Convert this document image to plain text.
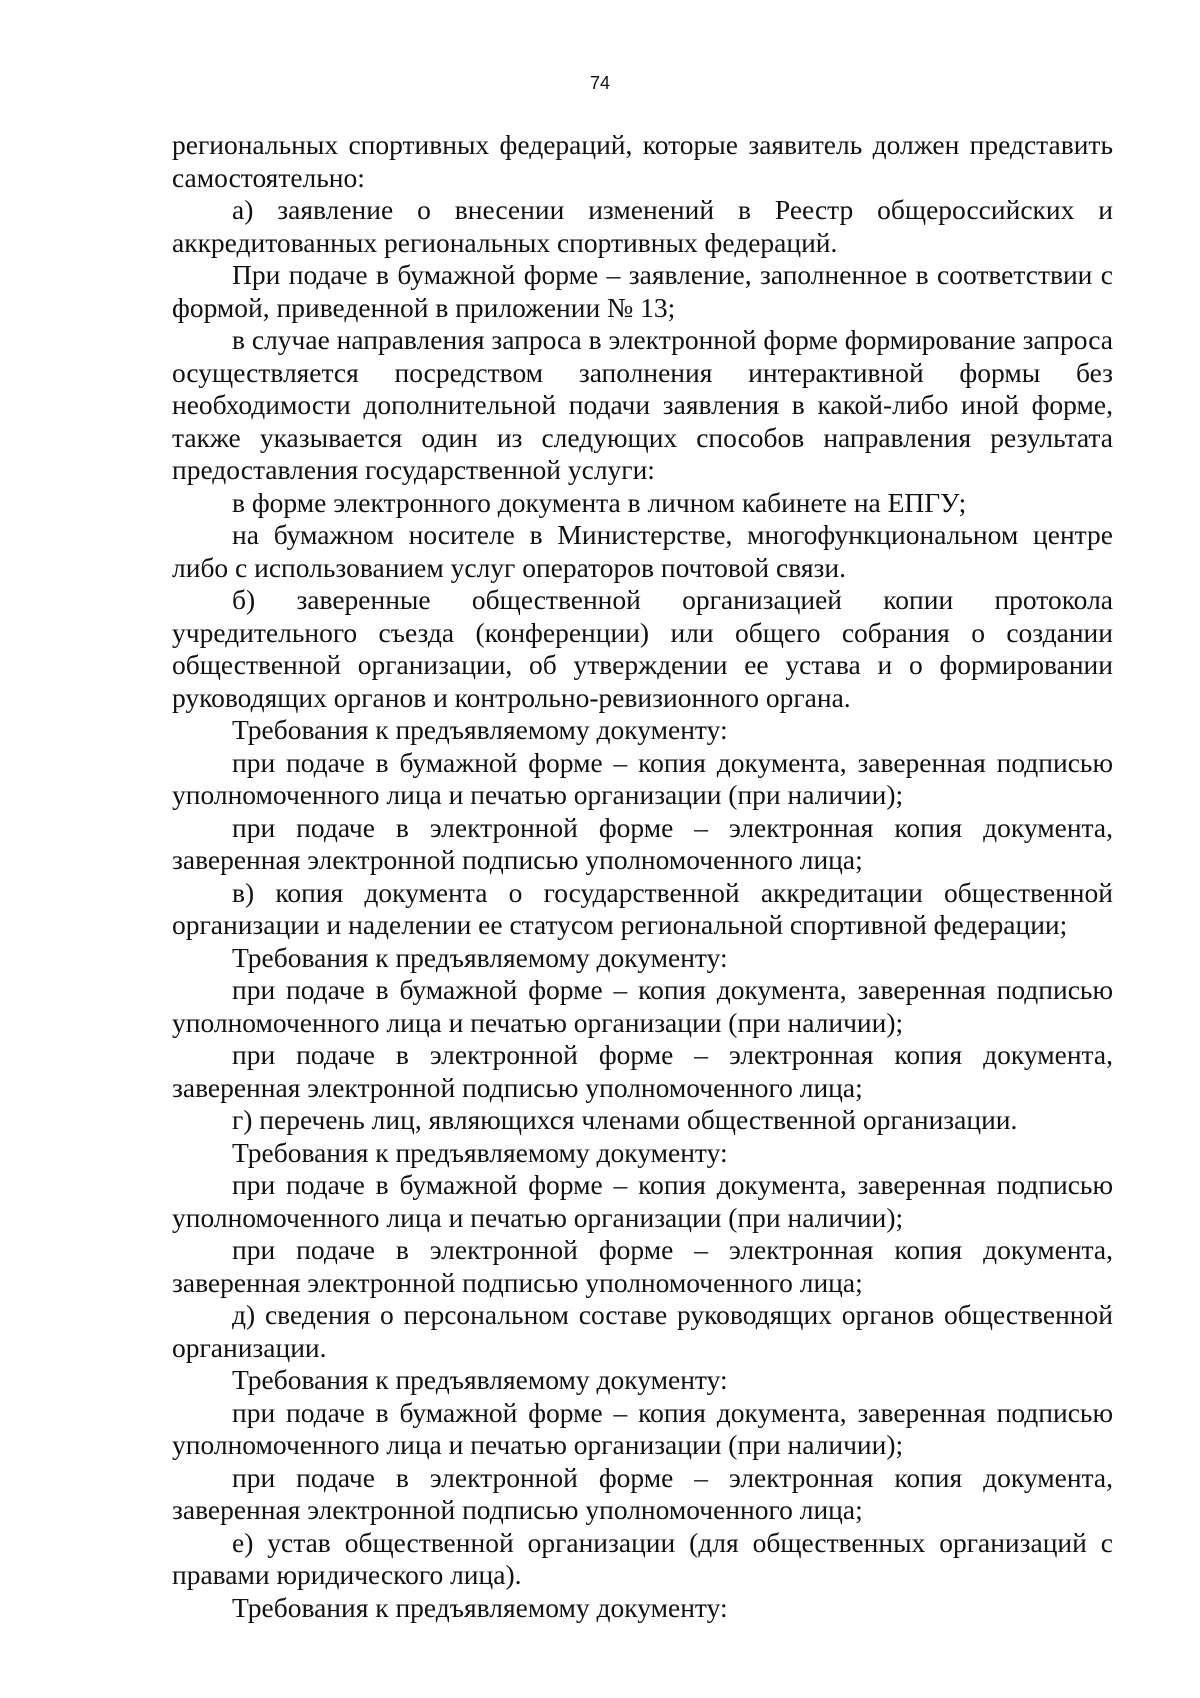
74

региональных спортивных федераций, которые заявитель должен представить самостоятельно:

а) заявление о внесении изменений в Реестр общероссийских и аккредитованных региональных спортивных федераций.

При подаче в бумажной форме – заявление, заполненное в соответствии с формой, приведенной в приложении № 13;

в случае направления запроса в электронной форме формирование запроса осуществляется посредством заполнения интерактивной формы без необходимости дополнительной подачи заявления в какой-либо иной форме, также указывается один из следующих способов направления результата предоставления государственной услуги:

в форме электронного документа в личном кабинете на ЕПГУ;

на бумажном носителе в Министерстве, многофункциональном центре либо с использованием услуг операторов почтовой связи.

б) заверенные общественной организацией копии протокола учредительного съезда (конференции) или общего собрания о создании общественной организации, об утверждении ее устава и о формировании руководящих органов и контрольно-ревизионного органа.

Требования к предъявляемому документу:

при подаче в бумажной форме – копия документа, заверенная подписью уполномоченного лица и печатью организации (при наличии);

при подаче в электронной форме – электронная копия документа, заверенная электронной подписью уполномоченного лица;

в) копия документа о государственной аккредитации общественной организации и наделении ее статусом региональной спортивной федерации;

Требования к предъявляемому документу:

при подаче в бумажной форме – копия документа, заверенная подписью уполномоченного лица и печатью организации (при наличии);

при подаче в электронной форме – электронная копия документа, заверенная электронной подписью уполномоченного лица;

г) перечень лиц, являющихся членами общественной организации.

Требования к предъявляемому документу:

при подаче в бумажной форме – копия документа, заверенная подписью уполномоченного лица и печатью организации (при наличии);

при подаче в электронной форме – электронная копия документа, заверенная электронной подписью уполномоченного лица;

д) сведения о персональном составе руководящих органов общественной организации.

Требования к предъявляемому документу:

при подаче в бумажной форме – копия документа, заверенная подписью уполномоченного лица и печатью организации (при наличии);

при подаче в электронной форме – электронная копия документа, заверенная электронной подписью уполномоченного лица;

е) устав общественной организации (для общественных организаций с правами юридического лица).

Требования к предъявляемому документу:
